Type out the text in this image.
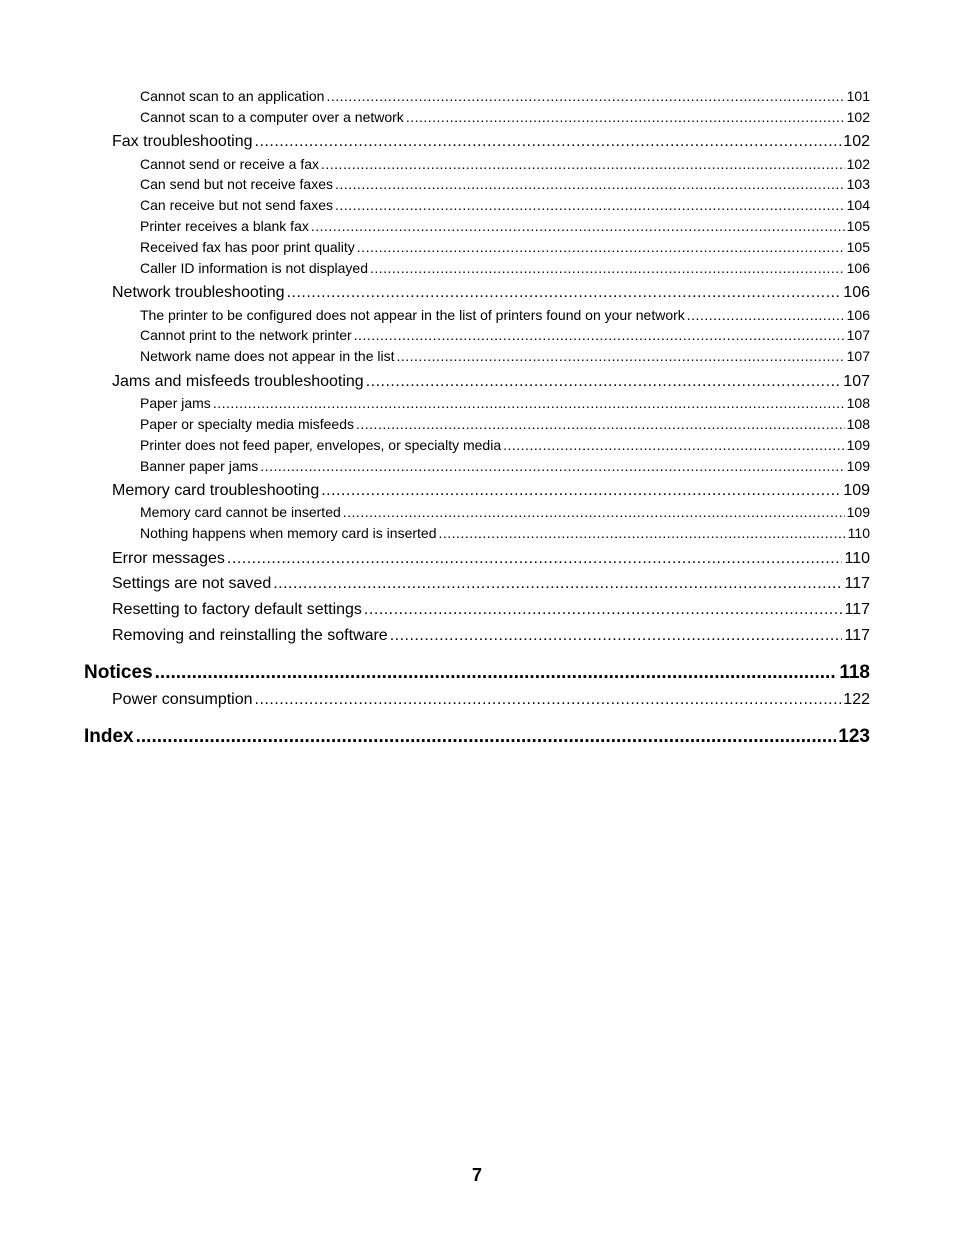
Cannot scan to an application .....	101
Cannot scan to a computer over a network .....	102
Fax troubleshooting .....	102
Cannot send or receive a fax .....	102
Can send but not receive faxes .....	103
Can receive but not send faxes .....	104
Printer receives a blank fax .....	105
Received fax has poor print quality .....	105
Caller ID information is not displayed .....	106
Network troubleshooting .....	106
The printer to be configured does not appear in the list of printers found on your network .....	106
Cannot print to the network printer .....	107
Network name does not appear in the list .....	107
Jams and misfeeds troubleshooting .....	107
Paper jams .....	108
Paper or specialty media misfeeds .....	108
Printer does not feed paper, envelopes, or specialty media .....	109
Banner paper jams .....	109
Memory card troubleshooting .....	109
Memory card cannot be inserted .....	109
Nothing happens when memory card is inserted .....	110
Error messages .....	110
Settings are not saved .....	117
Resetting to factory default settings .....	117
Removing and reinstalling the software .....	117
Notices .....	118
Power consumption .....	122
Index .....	123
7
